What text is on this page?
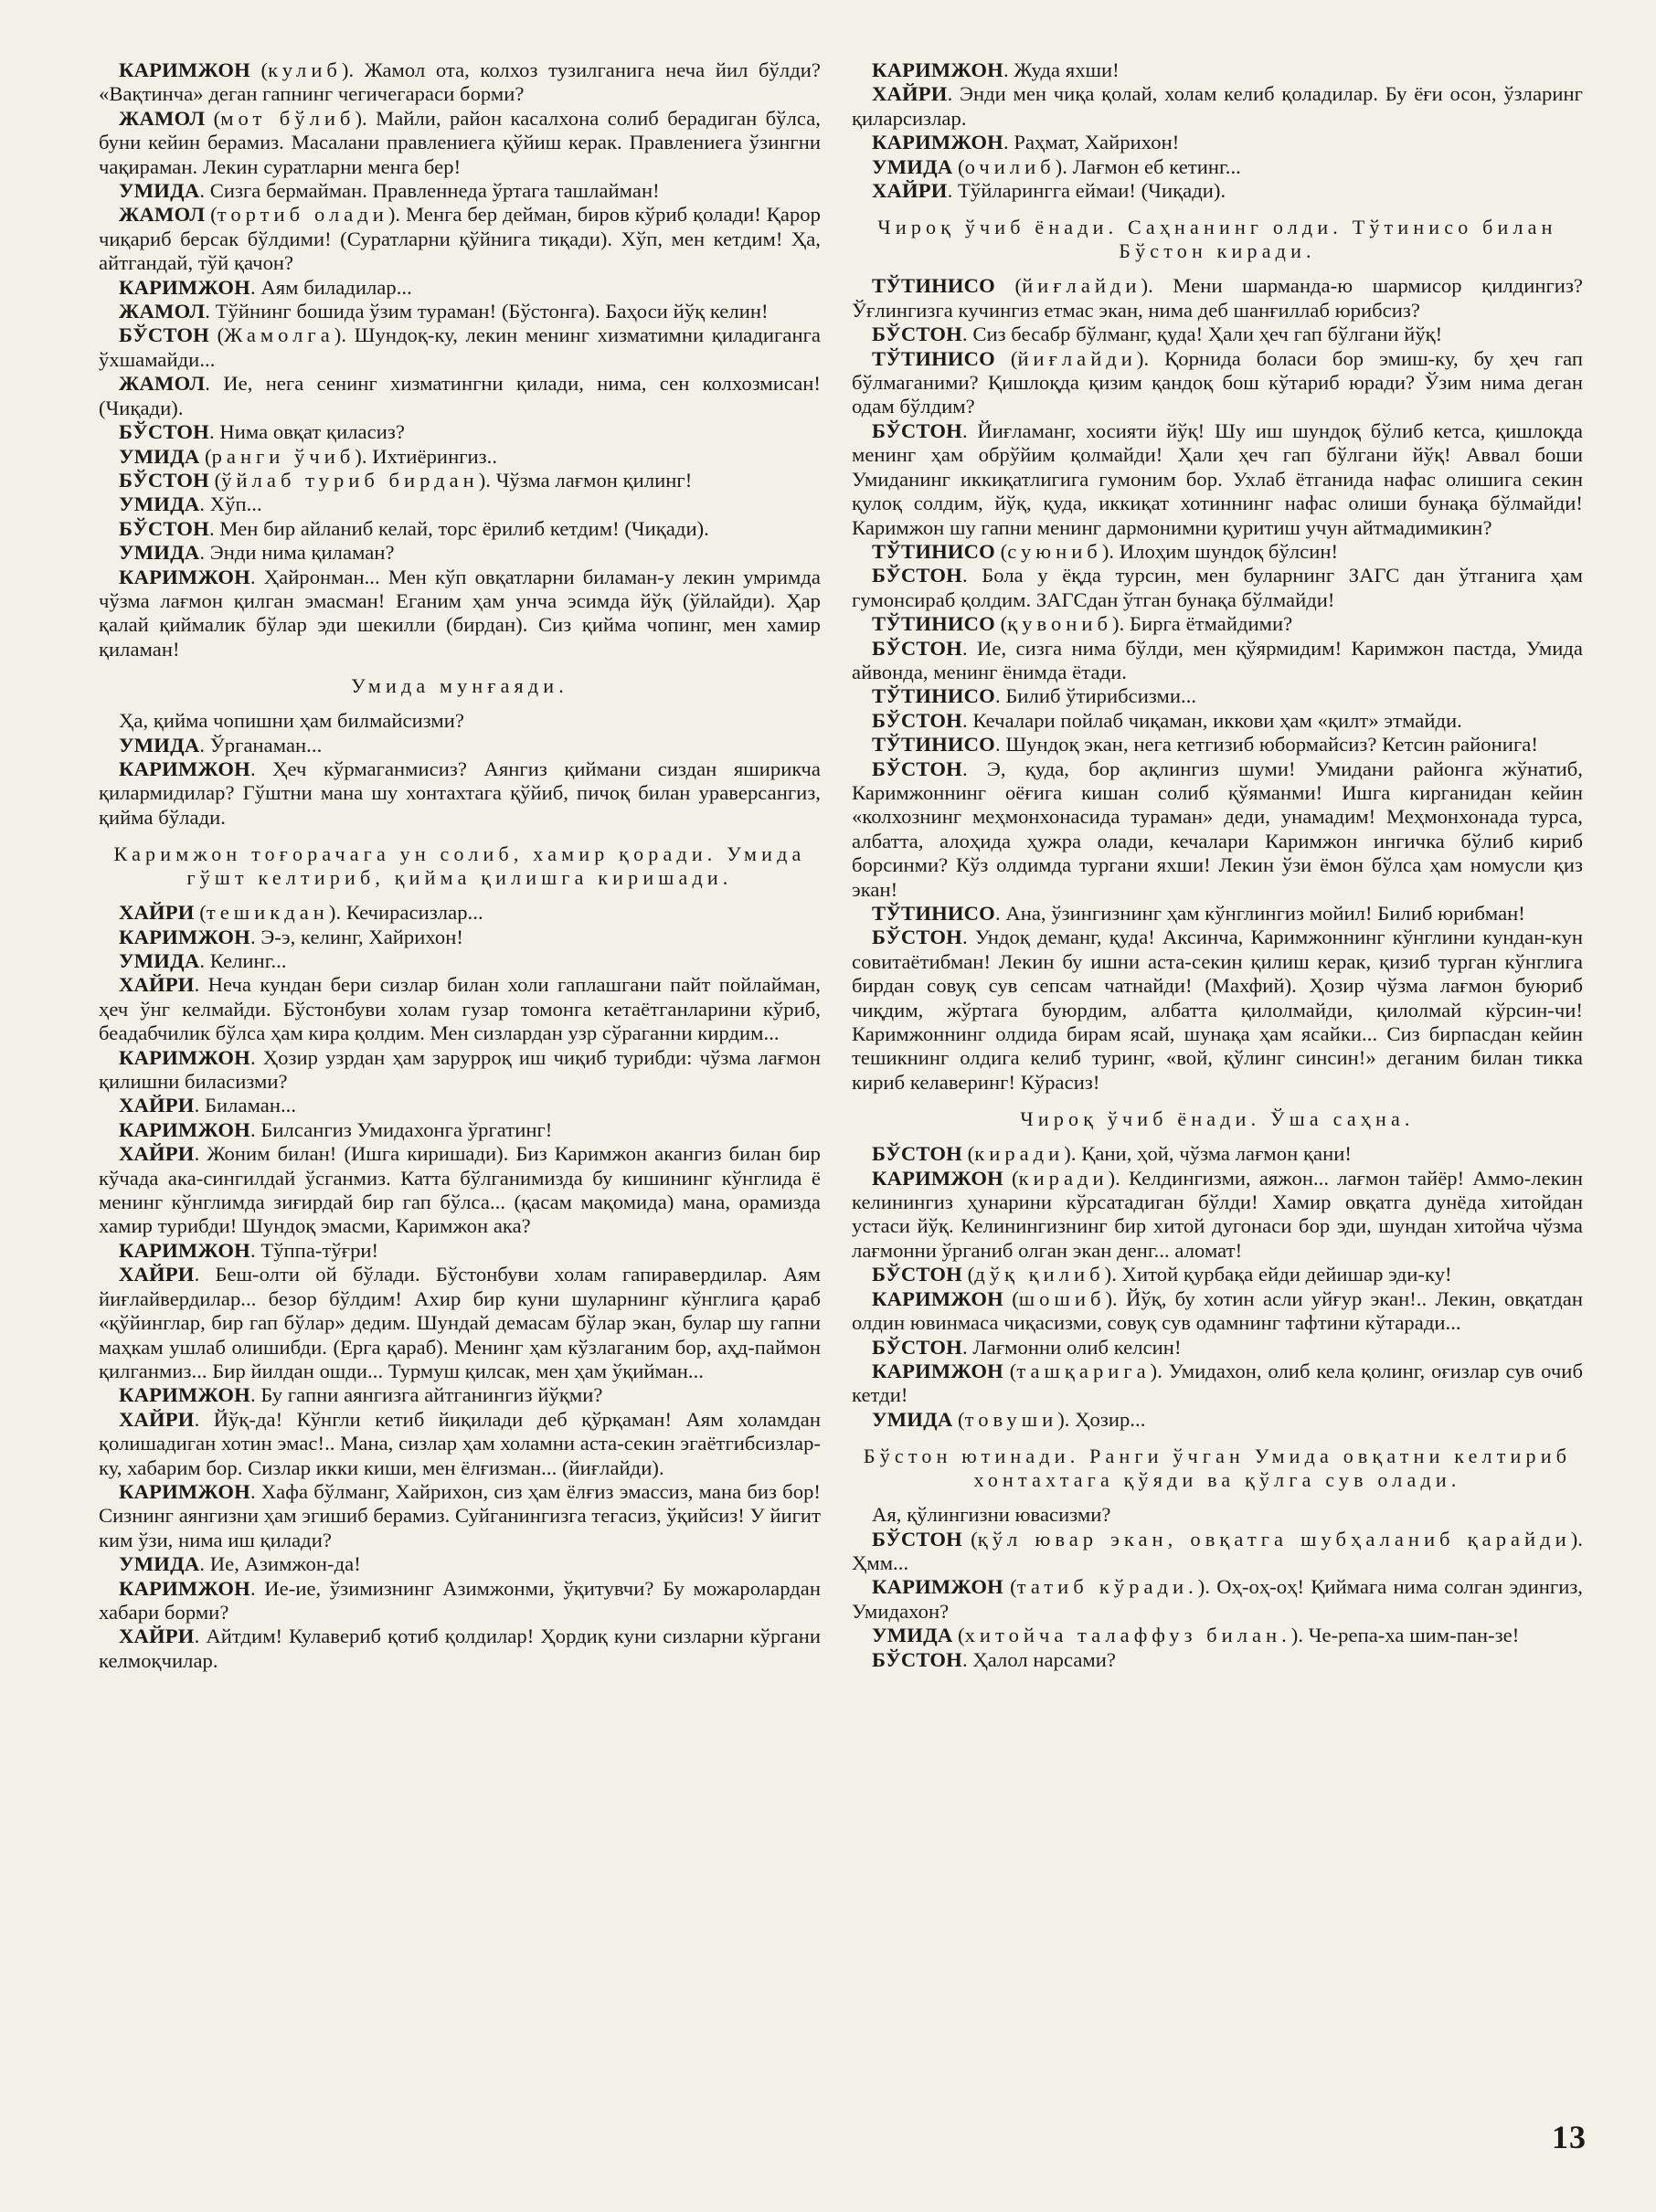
КАРИМЖОН (кулиб). Жамол ота, колхоз тузилганига неча йил бўлди? «Вақтинча» деган гапнинг чегичегараси борми?

ЖАМОЛ (мот бўлиб). Майли, район касалхона солиб берадиган бўлса, буни кейин берамиз. Масалани правлениега қўйиш керак. Правлениега ўзингни чақираман. Лекин суратларни менга бер!

УМИДА. Сизга бермайман. Правленнеда ўртага ташлайман!

ЖАМОЛ (тортиб олади). Менга бер дейман, биров кўриб қолади! Қарор чиқариб берсак бўлдими! (Суратларни қўйнига тиқади). Хўп, мен кетдим! Ҳа, айтгандай, тўй қачон?

КАРИМЖОН. Аям биладилар...

ЖАМОЛ. Тўйнинг бошида ўзим тураман! (Бўстонга). Баҳоси йўқ келин!

БЎСТОН (Жамолга). Шундоқ-ку, лекин менинг хизматимни қиладиганга ўхшамайди...

ЖАМОЛ. Ие, нега сенинг хизматингни қилади, нима, сен колхозмисан! (Чиқади).

БЎСТОН. Нима овқат қиласиз?

УМИДА (ранги ўчиб). Ихтиёрингиз..

БЎСТОН (ўйлаб туриб бирдан). Чўзма лағмон қилинг!

УМИДА. Хўп...

БЎСТОН. Мен бир айланиб келай, торс ёрилиб кетдим! (Чиқади).

УМИДА. Энди нима қиламан?

КАРИМЖОН. Ҳайронман... Мен кўп овқатларни биламан-у лекин умримда чўзма лағмон қилган эмасман! Еганим ҳам унча эсимда йўқ (ўйлайди). Ҳар қалай қиймалик бўлар эди шекилли (бирдан). Сиз қийма чопинг, мен хамир қиламан!

Умида мунғаяди.

Ҳа, қийма чопишни ҳам билмайсизми?

УМИДА. Ўрганаман...

КАРИМЖОН. Ҳеч кўрмаганмисиз? Аянгиз қиймани сиздан яширикча қилармидилар? Гўштни мана шу хонтахтага қўйиб, пичоқ билан ураверсангиз, қийма бўлади.

Каримжон тоғорачага ун солиб, хамир қоради. Умида гўшт келтириб, қийма қилишга киришади.

ХАЙРИ (тешикдан). Кечирасизлар...

КАРИМЖОН. Э-э, келинг, Хайрихон!

УМИДА. Келинг...

ХАЙРИ. Неча кундан бери сизлар билан холи гаплашгани пайт пойлайман, ҳеч ўнг келмайди. Бўстонбуви холам гузар томонга кетаётганларини кўриб, беадабчилик бўлса ҳам кира қолдим. Мен сизлардан узр сўраганни кирдим...

КАРИМЖОН. Ҳозир узрдан ҳам зарурроқ иш чиқиб турибди: чўзма лағмон қилишни биласизми?

ХАЙРИ. Биламан...

КАРИМЖОН. Билсангиз Умидахонга ўргатинг!

ХАЙРИ. Жоним билан! (Ишга киришади). Биз Каримжон акангиз билан бир кўчада ака-сингилдай ўсганмиз. Катта бўлганимизда бу кишининг кўнглида ё менинг кўнглимда зиғирдай бир гап бўлса... (қасам мақомида) мана, орамизда хамир турибди! Шундоқ эмасми, Каримжон ака?

КАРИМЖОН. Тўппа-тўғри!

ХАЙРИ. Беш-олти ой бўлади. Бўстонбуви холам гапиравердилар. Аям йиғлайвердилар... безор бўлдим! Ахир бир куни шуларнинг кўнглига қараб «қўйинглар, бир гап бўлар» дедим. Шундай демасам бўлар экан, булар шу гапни маҳкам ушлаб олишибди. (Ерга қараб). Менинг ҳам кўзлаганим бор, аҳд-паймон қилганмиз... Бир йилдан ошди... Турмуш қилсак, мен ҳам ўқийман...

КАРИМЖОН. Бу гапни аянгизга айтганингиз йўқми?

ХАЙРИ. Йўқ-да! Кўнгли кетиб йиқилади деб қўрқаман! Аям холамдан қолишадиган хотин эмас!.. Мана, сизлар ҳам холамни аста-секин эгаётгибсизлар-ку, хабарим бор. Сизлар икки киши, мен ёлғизман... (йиғлайди).

КАРИМЖОН. Хафа бўлманг, Хайрихон, сиз ҳам ёлғиз эмассиз, мана биз бор! Сизнинг аянгизни ҳам эгишиб берамиз. Суйганингизга тегасиз, ўқийсиз! У йигит ким ўзи, нима иш қилади?

УМИДА. Ие, Азимжон-да!

КАРИМЖОН. Ие-ие, ўзимизнинг Азимжонми, ўқитувчи? Бу можаролардан хабари борми?

ХАЙРИ. Айтдим! Кулавериб қотиб қолдилар! Ҳордиқ куни сизларни кўргани келмоқчилар.

КАРИМЖОН. Жуда яхши!

ХАЙРИ. Энди мен чиқа қолай, холам келиб қоладилар. Бу ёғи осон, ўзларинг қиларсизлар.

КАРИМЖОН. Раҳмат, Хайрихон!

УМИДА (очилиб). Лағмон еб кетинг...

ХАЙРИ. Тўйларингга еймаи! (Чиқади).

Чироқ ўчиб ёнади. Саҳнанинг олди. Тўтинисо билан Бўстон киради.

ТЎТИНИСО (йиғлайди). Мени шарманда-ю шармисор қилдингиз? Ўғлингизга кучингиз етмас экан, нима деб шанғиллаб юрибсиз?

БЎСТОН. Сиз бесабр бўлманг, қуда! Ҳали ҳеч гап бўлгани йўқ!

ТЎТИНИСО (йиғлайди). Қорнида боласи бор эмиш-ку, бу ҳеч гап бўлмаганими? Қишлоқда қизим қандоқ бош кўтариб юради? Ўзим нима деган одам бўлдим?

БЎСТОН. Йиғламанг, хосияти йўқ! Шу иш шундоқ бўлиб кетса, қишлоқда менинг ҳам обрўйим қолмайди! Ҳали ҳеч гап бўлгани йўқ! Аввал боши Умиданинг иккиқатлигига гумоним бор. Ухлаб ётганида нафас олишига секин қулоқ солдим, йўқ, қуда, иккиқат хотиннинг нафас олиши бунақа бўлмайди! Каримжон шу гапни менинг дармонимни қуритиш учун айтмадимикин?

ТЎТИНИСО (суюниб). Илоҳим шундоқ бўлсин!

БЎСТОН. Бола у ёқда турсин, мен буларнинг ЗАГС дан ўтганига ҳам гумонсираб қолдим. ЗАГСдан ўтган бунақа бўлмайди!

ТЎТИНИСО (қувониб). Бирга ётмайдими?

БЎСТОН. Ие, сизга нима бўлди, мен қўярмидим! Каримжон пастда, Умида айвонда, менинг ёнимда ётади.

ТЎТИНИСО. Билиб ўтирибсизми...

БЎСТОН. Кечалари пойлаб чиқаман, иккови ҳам «қилт» этмайди.

ТЎТИНИСО. Шундоқ экан, нега кетгизиб юбормайсиз? Кетсин районига!

БЎСТОН. Э, қуда, бор ақлингиз шуми! Умидани районга жўнатиб, Каримжоннинг оёғига кишан солиб қўяманми! Ишга кирганидан кейин «колхознинг меҳмонхонасида тураман» деди, унамадим! Меҳмонхонада турса, албатта, алоҳида ҳужра олади, кечалари Каримжон ингичка бўлиб кириб борсинми? Кўз олдимда тургани яхши! Лекин ўзи ёмон бўлса ҳам номусли қиз экан!

ТЎТИНИСО. Ана, ўзингизнинг ҳам кўнглингиз мойил! Билиб юрибман!

БЎСТОН. Ундоқ деманг, қуда! Аксинча, Каримжоннинг кўнглини кундан-кун совитаётибман! Лекин бу ишни аста-секин қилиш керак, қизиб турган кўнглига бирдан совуқ сув сепсам чатнайди! (Махфий). Ҳозир чўзма лағмон буюриб чиқдим, жўртага буюрдим, албатта қилолмайди, қилолмай кўрсин-чи! Каримжоннинг олдида бирам ясай, шунақа ҳам ясайки... Сиз бирпасдан кейин тешикнинг олдига келиб туринг, «вой, қўлинг синсин!» деганим билан тикка кириб келаверинг! Кўрасиз!

Чироқ ўчиб ёнади. Ўша саҳна.

БЎСТОН (киради). Қани, ҳой, чўзма лағмон қани!

КАРИМЖОН (киради). Келдингизми, аяжон... лағмон тайёр! Аммо-лекин келинингиз ҳунарини кўрсатадиган бўлди! Хамир овқатга дунёда хитойдан устаси йўқ. Келинингизнинг бир хитой дугонаси бор эди, шундан хитойча чўзма лағмонни ўрганиб олган экан денг... аломат!

БЎСТОН (дўқ қилиб). Хитой қурбақа ейди дейишар эди-ку!

КАРИМЖОН (шошиб). Йўқ, бу хотин асли уйғур экан!.. Лекин, овқатдан олдин ювинмаса чиқасизми, совуқ сув одамнинг тафтини кўтаради...

БЎСТОН. Лағмонни олиб келсин!

КАРИМЖОН (ташқарига). Умидахон, олиб кела қолинг, оғизлар сув очиб кетди!

УМИДА (товуши). Ҳозир...

Бўстон ютинади. Ранги ўчган Умида овқатни келтириб хонтахтага қўяди ва қўлга сув олади.

Ая, қўлингизни ювасизми?

БЎСТОН (қўл ювар экан, овқатга шубҳаланиб қарайди). Ҳмм...

КАРИМЖОН (татиб кўради.). Оҳ-оҳ-оҳ! Қиймага нима солган эдингиз, Умидахон?

УМИДА (хитойча талаффуз билан.). Че-репа-ха шим-пан-зе!

БЎСТОН. Ҳалол нарсами?

13
